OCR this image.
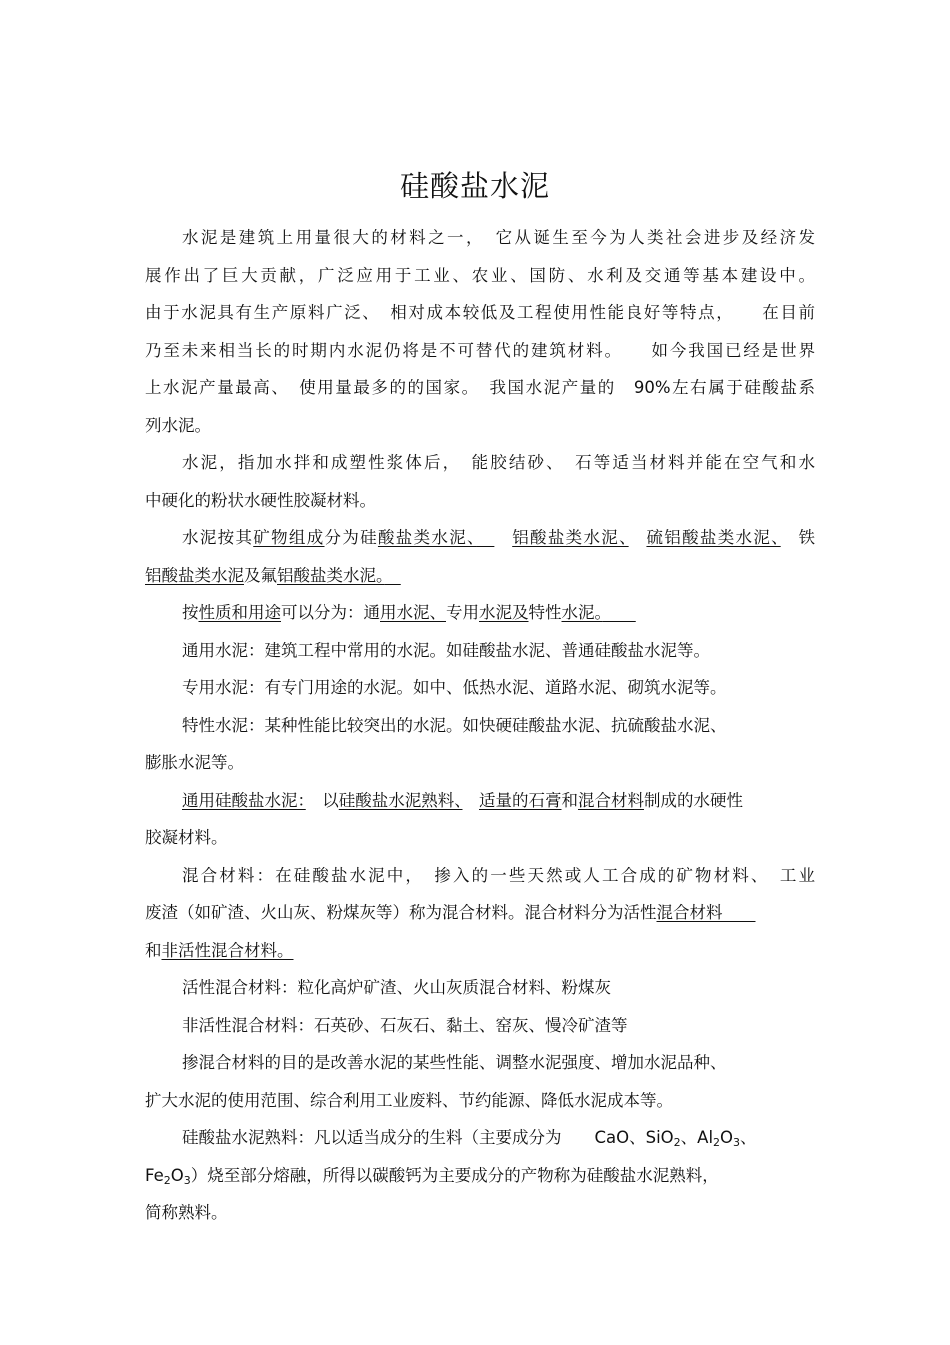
硅酸盐水泥
水泥是建筑上用量很大的材料之一，　它从诞生至今为人类社会进步及经济发
展作出了巨大贡献，广泛应用于工业、农业、国防、水利及交通等基本建设中。
由于水泥具有生产原料广泛、　相对成本较低及工程使用性能良好等特点，　　在目前
乃至未来相当长的时期内水泥仍将是不可替代的建筑材料。　　如今我国已经是世界
上水泥产量最高、　使用量最多的的国家。　我国水泥产量的　90%左右属于硅酸盐系
列水泥。
水泥，指加水拌和成塑性浆体后，　能胶结砂、　石等适当材料并能在空气和水
中硬化的粉状水硬性胶凝材料。
水泥按其矿物组成分为硅酸盐类水泥、　　 铝酸盐类水泥、　 硫铝酸盐类水泥、　铁
铝酸盐类水泥及氟铝酸盐类水泥。　
按性质和用途可以分为：通用水泥、专用水泥及特性水泥。　　
通用水泥：建筑工程中常用的水泥。如硅酸盐水泥、普通硅酸盐水泥等。
专用水泥：有专门用途的水泥。如中、低热水泥、道路水泥、砌筑水泥等。
特性水泥：某种性能比较突出的水泥。如快硬硅酸盐水泥、抗硫酸盐水泥、
膨胀水泥等。
通用硅酸盐水泥：　以硅酸盐水泥熟料、　 适量的石膏和混合材料制成的水硬性
胶凝材料。
混合材料：在硅酸盐水泥中，　掺入的一些天然或人工合成的矿物材料、　工业
废渣（如矿渣、火山灰、粉煤灰等）称为混合材料。混合材料分为活性混合材料　　
和非活性混合材料。
活性混合材料：粒化高炉矿渣、火山灰质混合材料、粉煤灰
非活性混合材料：石英砂、石灰石、黏土、窑灰、慢冷矿渣等
掺混合材料的目的是改善水泥的某些性能、调整水泥强度、增加水泥品种、
扩大水泥的使用范围、综合利用工业废料、节约能源、降低水泥成本等。
硅酸盐水泥熟料：凡以适当成分的生料（主要成分为　　CaO、SiO$_2$、$Al_2O_3$、
$Fe_2O_3$）烧至部分熔融，所得以碳酸钙为主要成分的产物称为硅酸盐水泥熟料，
简称熟料。
